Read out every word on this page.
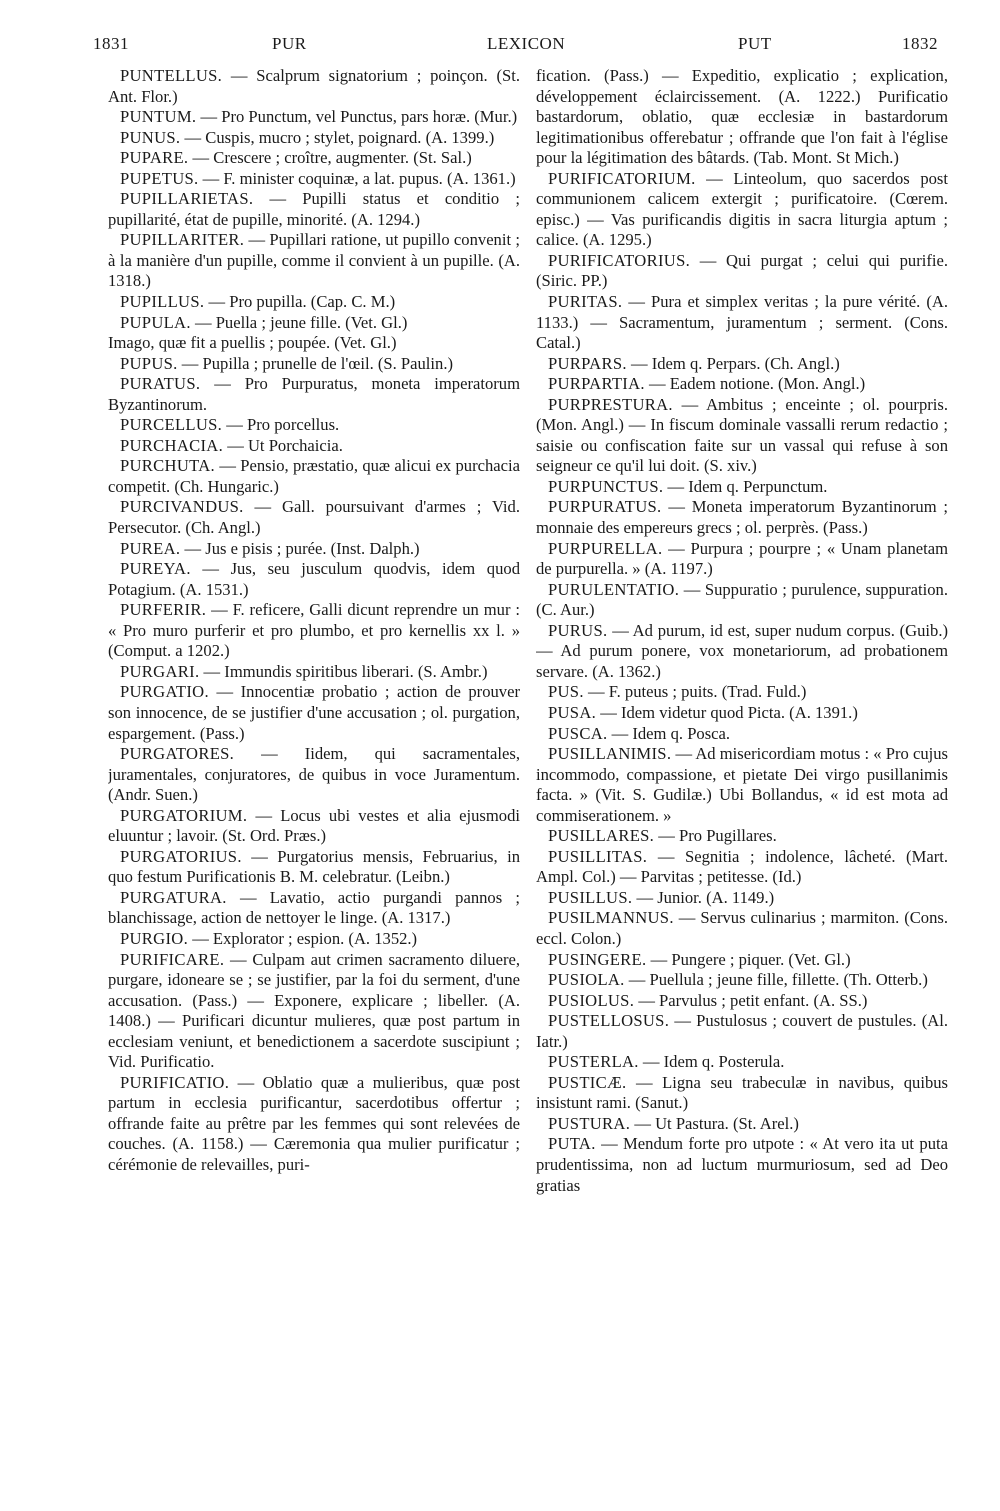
1831	PUR	LEXICON	PUT	1832

PUNTELLUS. — Scalprum signatorium ; poinçon. (St. Ant. Flor.)

PUNTUM. — Pro Punctum, vel Punctus, pars horæ. (Mur.)

PUNUS. — Cuspis, mucro ; stylet, poignard. (A. 1399.)

PUPARE. — Crescere ; croître, augmenter. (St. Sal.)

PUPETUS. — F. minister coquinæ, a lat. pupus. (A. 1361.)

PUPILLARIETAS. — Pupilli status et conditio ; pupillarité, état de pupille, minorité. (A. 1294.)

PUPILLARITER. — Pupillari ratione, ut pupillo convenit ; à la manière d'un pupille, comme il convient à un pupille. (A. 1318.)

PUPILLUS. — Pro pupilla. (Cap. C. M.)

PUPULA. — Puella ; jeune fille. (Vet. Gl.)

Imago, quæ fit a puellis ; poupée. (Vet. Gl.)

PUPUS. — Pupilla ; prunelle de l'œil. (S. Paulin.)

PURATUS. — Pro Purpuratus, moneta imperatorum Byzantinorum.

PURCELLUS. — Pro porcellus.

PURCHACIA. — Ut Porchaicia.

PURCHUTA. — Pensio, præstatio, quæ alicui ex purchacia competit. (Ch. Hungaric.)

PURCIVANDUS. — Gall. poursuivant d'armes ; Vid. Persecutor. (Ch. Angl.)

PUREA. — Jus e pisis ; purée. (Inst. Dalph.)

PUREYA. — Jus, seu jusculum quodvis, idem quod Potagium. (A. 1531.)

PURFERIR. — F. reficere, Galli dicunt reprendre un mur : « Pro muro purferir et pro plumbo, et pro kernellis xx l. » (Comput. a 1202.)

PURGARI. — Immundis spiritibus liberari. (S. Ambr.)

PURGATIO. — Innocentiæ probatio ; action de prouver son innocence, de se justifier d'une accusation ; ol. purgation, espargement. (Pass.)

PURGATORES. — Iidem, qui sacramentales, juramentales, conjuratores, de quibus in voce Juramentum.(Andr. Suen.)

PURGATORIUM. — Locus ubi vestes et alia ejusmodi eluuntur ; lavoir. (St. Ord. Præs.)

PURGATORIUS. — Purgatorius mensis, Februarius, in quo festum Purificationis B. M. celebratur. (Leibn.)

PURGATURA. — Lavatio, actio purgandi pannos ; blanchissage, action de nettoyer le linge. (A. 1317.)

PURGIO. — Explorator ; espion. (A. 1352.)

PURIFICARE. — Culpam aut crimen sacramento diluere, purgare, idoneare se ; se justifier, par la foi du serment, d'une accusation. (Pass.) — Exponere, explicare ; libeller. (A. 1408.) — Purificari dicuntur mulieres, quæ post partum in ecclesiam veniunt, et benedictionem a sacerdote suscipiunt ; Vid. Purificatio.

PURIFICATIO. — Oblatio quæ a mulieribus, quæ post partum in ecclesia purificantur, sacerdotibus offertur ; offrande faite au prêtre par les femmes qui sont relevées de couches. (A. 1158.) — Cæremonia qua mulier purificatur ; cérémonie de relevailles, puri-

fication. (Pass.) — Expeditio, explicatio ; explication, développement éclaircissement. (A. 1222.) Purificatio bastardorum, oblatio, quæ ecclesiæ in bastardorum legitimationibus offerebatur ; offrande que l'on fait à l'église pour la légitimation des bâtards. (Tab. Mont. St Mich.)

PURIFICATORIUM. — Linteolum, quo sacerdos post communionem calicem extergit ; purificatoire. (Cœrem. episc.) — Vas purificandis digitis in sacra liturgia aptum ; calice. (A. 1295.)

PURIFICATORIUS. — Qui purgat ; celui qui purifie. (Siric. PP.)

PURITAS. — Pura et simplex veritas ; la pure vérité. (A. 1133.) — Sacramentum, juramentum ; serment. (Cons. Catal.)

PURPARS. — Idem q. Perpars. (Ch. Angl.)

PURPARTIA. — Eadem notione. (Mon. Angl.)

PURPRESTURA. — Ambitus ; enceinte ; ol. pourpris. (Mon. Angl.) — In fiscum dominale vassalli rerum redactio ; saisie ou confiscation faite sur un vassal qui refuse à son seigneur ce qu'il lui doit. (S. xiv.)

PURPUNCTUS. — Idem q. Perpunctum.

PURPURATUS. — Moneta imperatorum Byzantinorum ; monnaie des empereurs grecs ; ol. perprès. (Pass.)

PURPURELLA. — Purpura ; pourpre ; « Unam planetam de purpurella. » (A. 1197.)

PURULENTATIO. — Suppuratio ; purulence, suppuration. (C. Aur.)

PURUS. — Ad purum, id est, super nudum corpus. (Guib.) — Ad purum ponere, vox monetariorum, ad probationem servare. (A. 1362.)

PUS. — F. puteus ; puits. (Trad. Fuld.)

PUSA. — Idem videtur quod Picta. (A. 1391.)

PUSCA. — Idem q. Posca.

PUSILLANIMIS. — Ad misericordiam motus : « Pro cujus incommodo, compassione, et pietate Dei virgo pusillanimis facta. » (Vit. S. Gudilæ.) Ubi Bollandus, « id est mota ad commiserationem. »

PUSILLARES. — Pro Pugillares.

PUSILLITAS. — Segnitia ; indolence, lâcheté. (Mart. Ampl. Col.) — Parvitas ; petitesse. (Id.)

PUSILLUS. — Junior. (A. 1149.)

PUSILMANNUS. — Servus culinarius ; marmiton. (Cons. eccl. Colon.)

PUSINGERE. — Pungere ; piquer. (Vet. Gl.)

PUSIOLA. — Puellula ; jeune fille, fillette. (Th. Otterb.)

PUSIOLUS. — Parvulus ; petit enfant. (A. SS.)

PUSTELLOSUS. — Pustulosus ; couvert de pustules. (Al. Iatr.)

PUSTERLA. — Idem q. Posterula.

PUSTICÆ. — Ligna seu trabeculæ in navibus, quibus insistunt rami. (Sanut.)

PUSTURA. — Ut Pastura. (St. Arel.)

PUTA. — Mendum forte pro utpote : « At vero ita ut puta prudentissima, non ad luctum murmuriosum, sed ad Deo gratias
